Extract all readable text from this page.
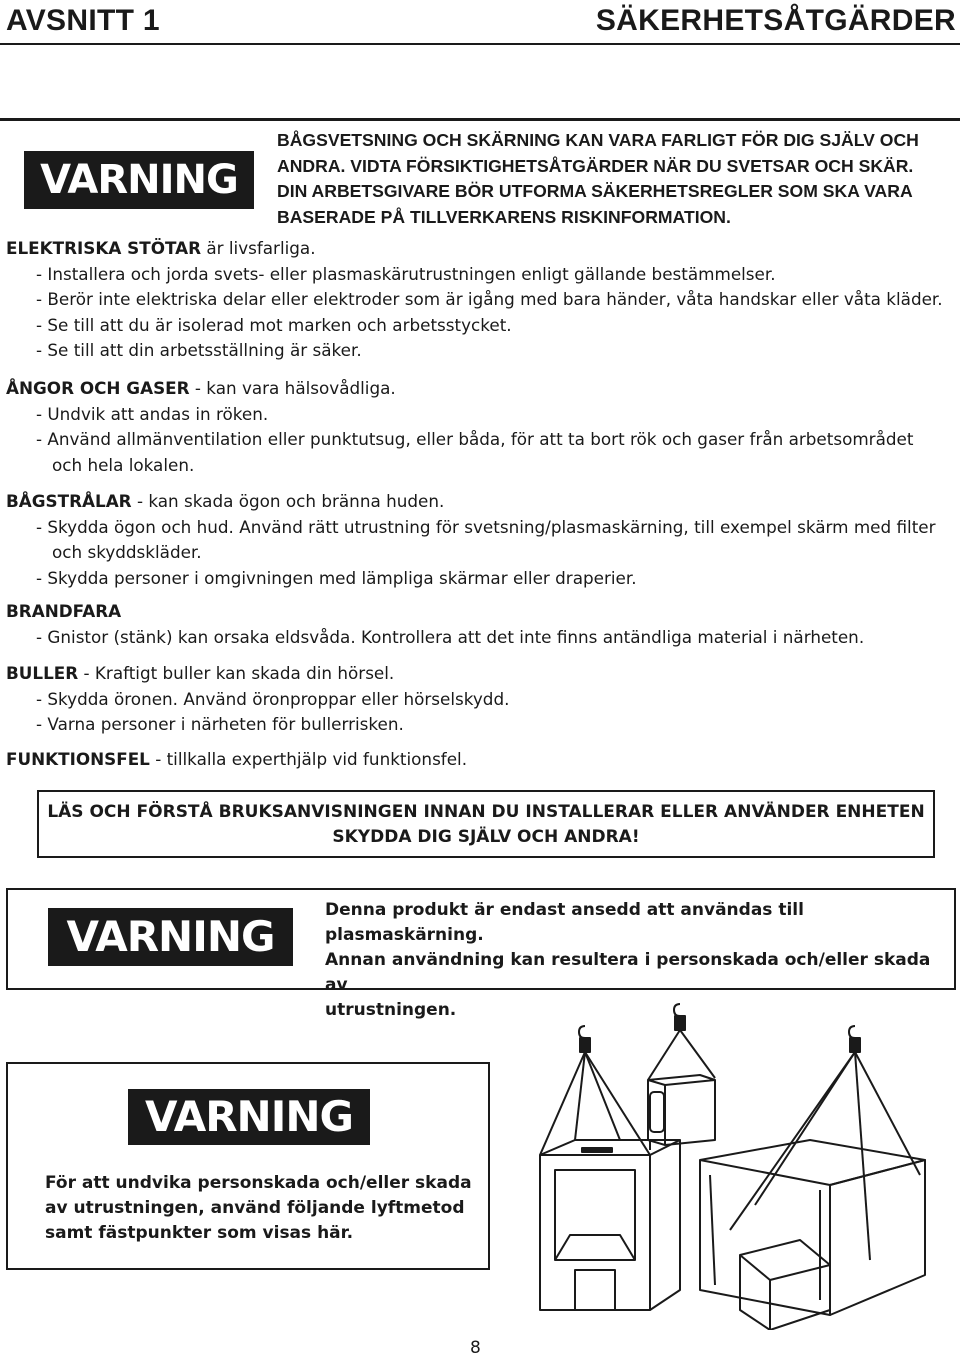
AVSNITT 1	SÄKERHETSÅTGÄRDER
VARNING
BÅGSVETSNING OCH SKÄRNING KAN VARA FARLIGT FÖR DIG SJÄLV OCH
ANDRA. VIDTA FÖRSIKTIGHETSÅTGÄRDER NÄR DU SVETSAR OCH SKÄR.
DIN ARBETSGIVARE BÖR UTFORMA SÄKERHETSREGLER SOM SKA VARA
BASERADE PÅ TILLVERKARENS RISKINFORMATION.
ELEKTRISKA STÖTAR är livsfarliga.
- Installera och jorda svets- eller plasmaskärutrustningen enligt gällande bestämmelser.
- Berör inte elektriska delar eller elektroder som är igång med bara händer, våta handskar eller våta kläder.
- Se till att du är isolerad mot marken och arbetsstycket.
- Se till att din arbetsställning är säker.
ÅNGOR OCH GASER - kan vara hälsovådliga.
- Undvik att andas in röken.
- Använd allmänventilation eller punktutsug, eller båda, för att ta bort rök och gaser från arbetsområdet
och hela lokalen.
BÅGSTRÅLAR - kan skada ögon och bränna huden.
- Skydda ögon och hud. Använd rätt utrustning för svetsning/plasmaskärning, till exempel skärm med filter
och skyddskläder.
- Skydda personer i omgivningen med lämpliga skärmar eller draperier.
BRANDFARA
- Gnistor (stänk) kan orsaka eldsvåda. Kontrollera att det inte finns antändliga material i närheten.
BULLER - Kraftigt buller kan skada din hörsel.
- Skydda öronen. Använd öronproppar eller hörselskydd.
- Varna personer i närheten för bullerrisken.
FUNKTIONSFEL - tillkalla experthjälp vid funktionsfel.
LÄS OCH FÖRSTÅ BRUKSANVISNINGEN INNAN DU INSTALLERAR ELLER ANVÄNDER ENHETEN
SKYDDA DIG SJÄLV OCH ANDRA!
VARNING
Denna produkt är endast ansedd att användas till plasmaskärning.
Annan användning kan resultera i personskada och/eller skada av
utrustningen.
VARNING
För att undvika personskada och/eller skada
av utrustningen, använd följande lyftmetod
samt fästpunkter som visas här.
8
